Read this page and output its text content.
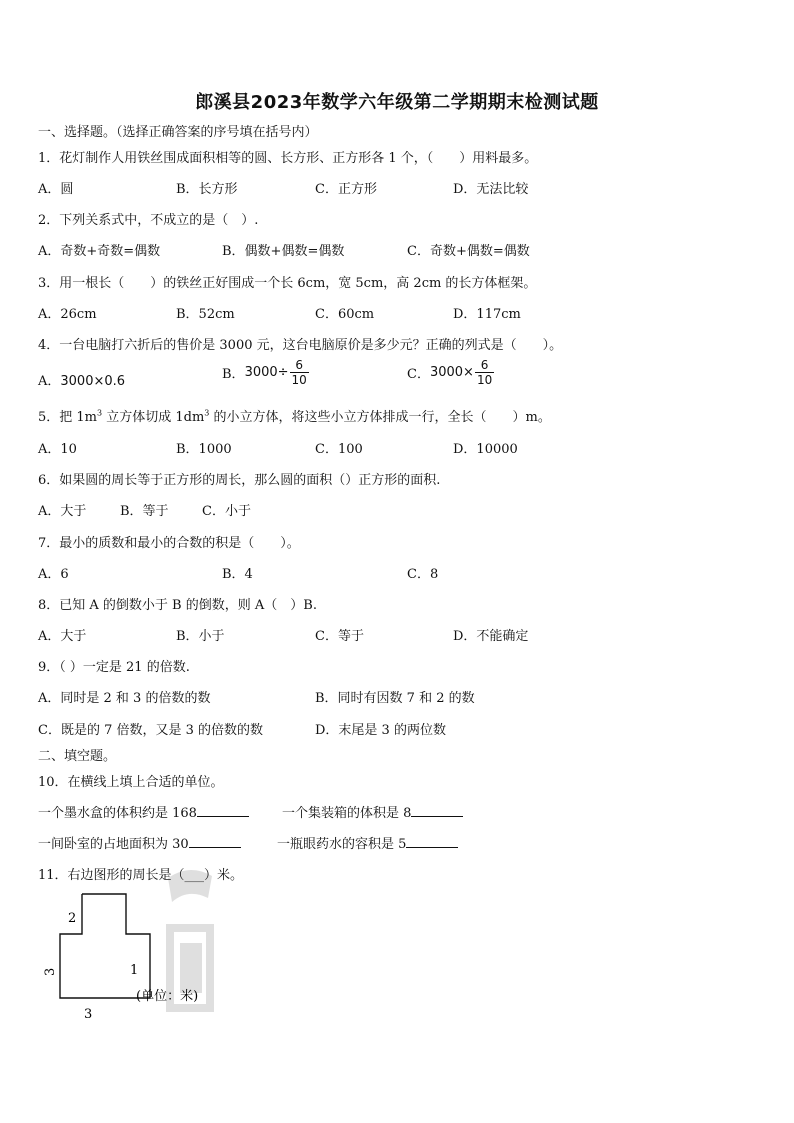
郎溪县2023年数学六年级第二学期期末检测试题
一、选择题。（选择正确答案的序号填在括号内）
1．花灯制作人用铁丝围成面积相等的圆、长方形、正方形各 1 个，（　　）用料最多。
A．圆	B．长方形	C．正方形	D．无法比较
2．下列关系式中，不成立的是（　）.
A．奇数+奇数=偶数	B．偶数+偶数=偶数	C．奇数+偶数=偶数
3．用一根长（　　）的铁丝正好围成一个长 6cm，宽 5cm，高 2cm 的长方体框架。
A．26cm	B．52cm	C．60cm	D．117cm
4．一台电脑打六折后的售价是 3000 元，这台电脑原价是多少元？正确的列式是（　　）。
A．3000×0.6	B．$3000\div \frac{6}{10}$	C．$3000\times \frac{6}{10}$
5．把 $1m^3$ 立方体切成 $1dm^3$ 的小立方体，将这些小立方体排成一行，全长（　　）m。
A．10	B．1000	C．100	D．10000
6．如果圆的周长等于正方形的周长，那么圆的面积（）正方形的面积.
A．大于	B．等于	C．小于
7．最小的质数和最小的合数的积是（　　）。
A．6	B．4	C．8
8．已知 A 的倒数小于 B 的倒数，则 A（　）B.
A．大于	B．小于	C．等于	D．不能确定
9．（ ）一定是 21 的倍数.
A．同时是 2 和 3 的倍数的数	B．同时有因数 7 和 2 的数
C．既是的 7 倍数，又是 3 的倍数的数	D．末尾是 3 的两位数
二、填空题。
10．在横线上填上合适的单位。
一个墨水盒的体积约是 168	一个集装箱的体积是 8
一间卧室的占地面积为 30	一瓶眼药水的容积是 5
11．右边图形的周长是（___）米。
2
3	1
3
(单位：米)
